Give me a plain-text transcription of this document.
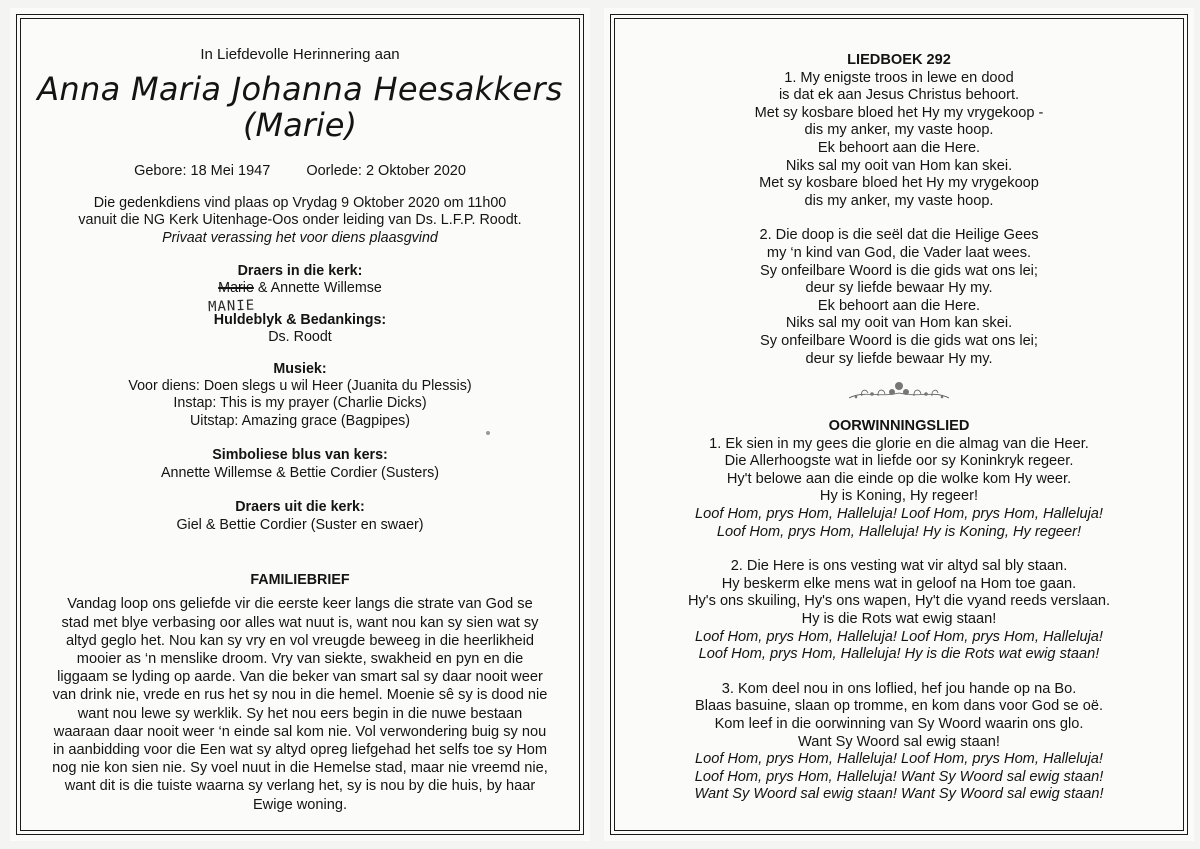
In Liefdevolle Herinnering aan
Anna Maria Johanna Heesakkers
(Marie)
Gebore: 18 Mei 1947 Oorlede: 2 Oktober 2020
Die gedenkdiens vind plaas op Vrydag 9 Oktober 2020 om 11h00
vanuit die NG Kerk Uitenhage-Oos onder leiding van Ds. L.F.P. Roodt.
Privaat verassing het voor diens plaasgvind
Draers in die kerk:
Marie & Annette Willemse
MANIE
Huldeblyk & Bedankings:
Ds. Roodt
Musiek:
Voor diens: Doen slegs u wil Heer (Juanita du Plessis)
Instap: This is my prayer (Charlie Dicks)
Uitstap: Amazing grace (Bagpipes)
Simboliese blus van kers:
Annette Willemse & Bettie Cordier (Susters)
Draers uit die kerk:
Giel & Bettie Cordier (Suster en swaer)
FAMILIEBRIEF
Vandag loop ons geliefde vir die eerste keer langs die strate van God se
stad met blye verbasing oor alles wat nuut is, want nou kan sy sien wat sy
altyd geglo het. Nou kan sy vry en vol vreugde beweeg in die heerlikheid
mooier as ‘n menslike droom. Vry van siekte, swakheid en pyn en die
liggaam se lyding op aarde. Van die beker van smart sal sy daar nooit weer
van drink nie, vrede en rus het sy nou in die hemel. Moenie sê sy is dood nie
want nou lewe sy werklik. Sy het nou eers begin in die nuwe bestaan
waaraan daar nooit weer ‘n einde sal kom nie. Vol verwondering buig sy nou
in aanbidding voor die Een wat sy altyd opreg liefgehad het selfs toe sy Hom
nog nie kon sien nie. Sy voel nuut in die Hemelse stad, maar nie vreemd nie,
want dit is die tuiste waarna sy verlang het, sy is nou by die huis, by haar
Ewige woning.
LIEDBOEK 292
1. My enigste troos in lewe en dood
is dat ek aan Jesus Christus behoort.
Met sy kosbare bloed het Hy my vrygekoop -
dis my anker, my vaste hoop.
Ek behoort aan die Here.
Niks sal my ooit van Hom kan skei.
Met sy kosbare bloed het Hy my vrygekoop
dis my anker, my vaste hoop.
2. Die doop is die seël dat die Heilige Gees
my ‘n kind van God, die Vader laat wees.
Sy onfeilbare Woord is die gids wat ons lei;
deur sy liefde bewaar Hy my.
Ek behoort aan die Here.
Niks sal my ooit van Hom kan skei.
Sy onfeilbare Woord is die gids wat ons lei;
deur sy liefde bewaar Hy my.
OORWINNINGSLIED
1. Ek sien in my gees die glorie en die almag van die Heer.
Die Allerhoogste wat in liefde oor sy Koninkryk regeer.
Hy't belowe aan die einde op die wolke kom Hy weer.
Hy is Koning, Hy regeer!
Loof Hom, prys Hom, Halleluja! Loof Hom, prys Hom, Halleluja!
Loof Hom, prys Hom, Halleluja! Hy is Koning, Hy regeer!
2. Die Here is ons vesting wat vir altyd sal bly staan.
Hy beskerm elke mens wat in geloof na Hom toe gaan.
Hy's ons skuiling, Hy's ons wapen, Hy't die vyand reeds verslaan.
Hy is die Rots wat ewig staan!
Loof Hom, prys Hom, Halleluja! Loof Hom, prys Hom, Halleluja!
Loof Hom, prys Hom, Halleluja! Hy is die Rots wat ewig staan!
3. Kom deel nou in ons loflied, hef jou hande op na Bo.
Blaas basuine, slaan op tromme, en kom dans voor God se oë.
Kom leef in die oorwinning van Sy Woord waarin ons glo.
Want Sy Woord sal ewig staan!
Loof Hom, prys Hom, Halleluja! Loof Hom, prys Hom, Halleluja!
Loof Hom, prys Hom, Halleluja! Want Sy Woord sal ewig staan!
Want Sy Woord sal ewig staan! Want Sy Woord sal ewig staan!
